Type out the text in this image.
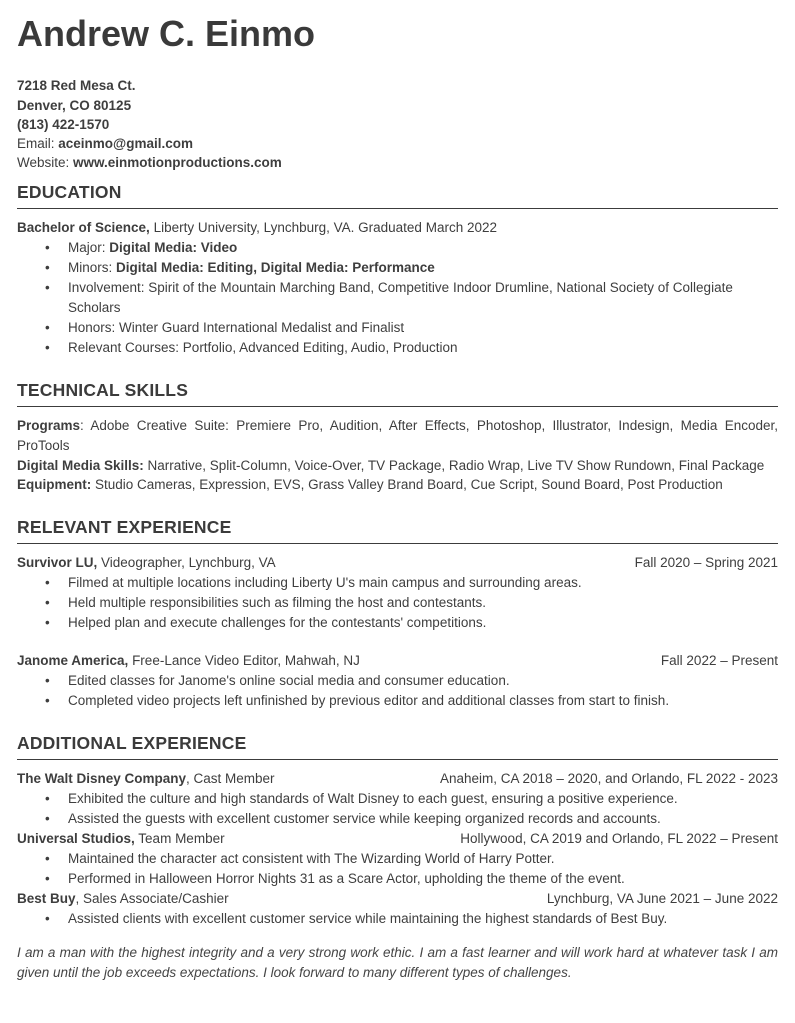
Andrew C. Einmo
7218 Red Mesa Ct.
Denver, CO 80125
(813) 422-1570
Email: aceinmo@gmail.com
Website: www.einmotionproductions.com
EDUCATION
Bachelor of Science, Liberty University, Lynchburg, VA. Graduated March 2022
• Major: Digital Media: Video
• Minors: Digital Media: Editing, Digital Media: Performance
• Involvement: Spirit of the Mountain Marching Band, Competitive Indoor Drumline, National Society of Collegiate Scholars
• Honors: Winter Guard International Medalist and Finalist
• Relevant Courses: Portfolio, Advanced Editing, Audio, Production
TECHNICAL SKILLS

Programs: Adobe Creative Suite: Premiere Pro, Audition, After Effects, Photoshop, Illustrator, Indesign, Media Encoder, ProTools

Digital Media Skills: Narrative, Split-Column, Voice-Over, TV Package, Radio Wrap, Live TV Show Rundown, Final Package

Equipment: Studio Cameras, Expression, EVS, Grass Valley Brand Board, Cue Script, Sound Board, Post Production

RELEVANT EXPERIENCE
Survivor LU, Videographer, Lynchburg, VA	Fall 2020 – Spring 2021
• Filmed at multiple locations including Liberty U's main campus and surrounding areas.
• Held multiple responsibilities such as filming the host and contestants.
• Helped plan and execute challenges for the contestants' competitions.
Janome America, Free-Lance Video Editor, Mahwah, NJ	Fall 2022 – Present
• Edited classes for Janome's online social media and consumer education.
• Completed video projects left unfinished by previous editor and additional classes from start to finish.
ADDITIONAL EXPERIENCE
The Walt Disney Company, Cast Member	Anaheim, CA 2018 – 2020, and Orlando, FL 2022 - 2023
• Exhibited the culture and high standards of Walt Disney to each guest, ensuring a positive experience.
• Assisted the guests with excellent customer service while keeping organized records and accounts.
Universal Studios, Team Member	Hollywood, CA 2019 and Orlando, FL 2022 – Present
• Maintained the character act consistent with The Wizarding World of Harry Potter.
• Performed in Halloween Horror Nights 31 as a Scare Actor, upholding the theme of the event.
Best Buy, Sales Associate/Cashier	Lynchburg, VA June 2021 – June 2022
• Assisted clients with excellent customer service while maintaining the highest standards of Best Buy.

I am a man with the highest integrity and a very strong work ethic. I am a fast learner and will work hard at whatever task I am given until the job exceeds expectations. I look forward to many different types of challenges.
